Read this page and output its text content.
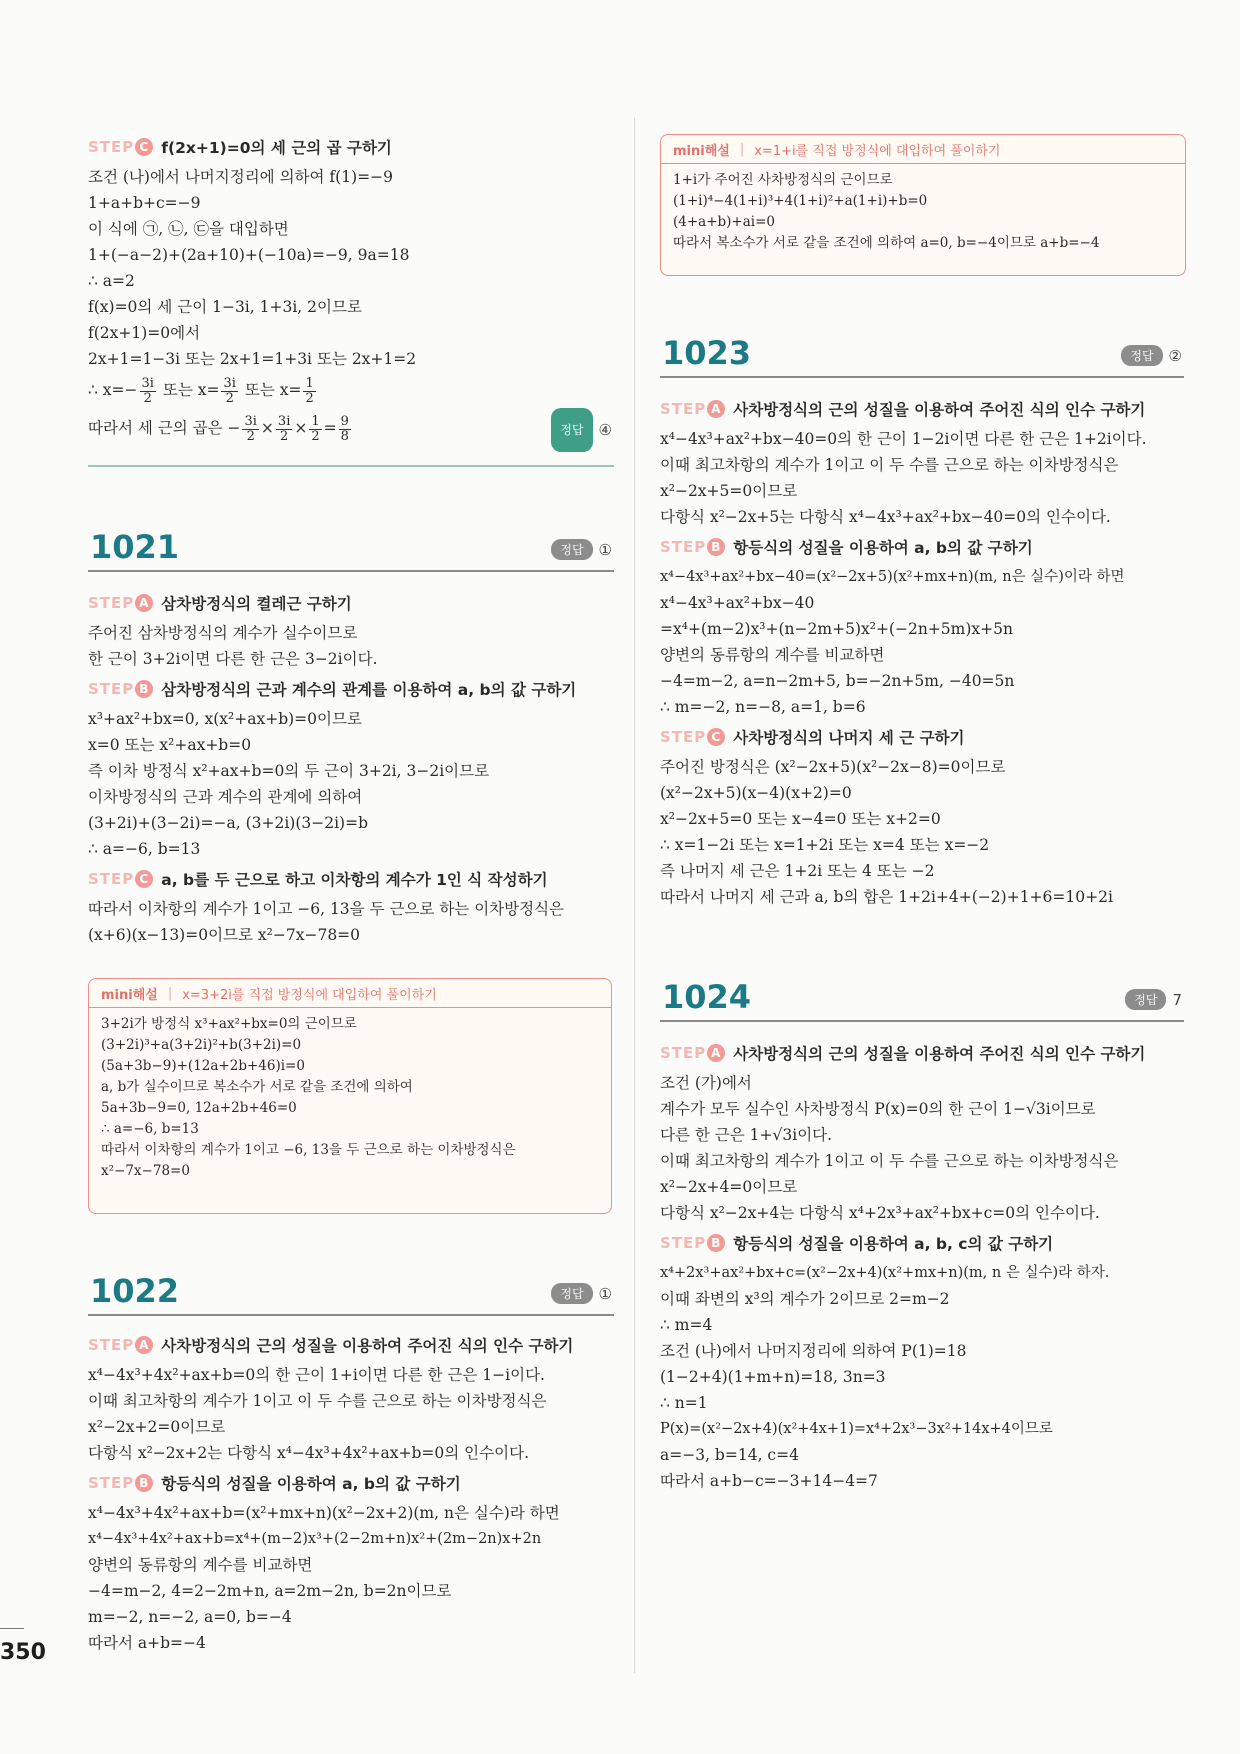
STEP C f(2x+1)=0의 세 근의 곱 구하기
조건 (나)에서 나머지정리에 의하여 f(1)=−9
1+a+b+c=−9
이 식에 ㉠, ㉡, ㉢을 대입하면
1+(−a−2)+(2a+10)+(−10a)=−9, 9a=18
∴ a=2
f(x)=0의 세 근이 1−3i, 1+3i, 2이므로
f(2x+1)=0에서
2x+1=1−3i 또는 2x+1=1+3i 또는 2x+1=2
∴ $x=- \frac{3i}{2}$ 또는 $x= \frac{3i}{2}$ 또는 $x= \frac{1}{2}$
따라서 세 근의 곱은 − $\frac{3i}{2} \times \frac{3i}{2} \times \frac{1}{2} = \frac{9}{8}$	정답	④
1021	정답	①
STEP A 삼차방정식의 켤레근 구하기
주어진 삼차방정식의 계수가 실수이므로
한 근이 3+2i이면 다른 한 근은 3−2i이다.
STEP B 삼차방정식의 근과 계수의 관계를 이용하여 a, b의 값 구하기
x³+ax²+bx=0, x(x²+ax+b)=0이므로
x=0 또는 x²+ax+b=0
즉 이차 방정식 x²+ax+b=0의 두 근이 3+2i, 3−2i이므로
이차방정식의 근과 계수의 관계에 의하여
(3+2i)+(3−2i)=−a, (3+2i)(3−2i)=b
∴ a=−6, b=13
STEP C a, b를 두 근으로 하고 이차항의 계수가 1인 식 작성하기
따라서 이차항의 계수가 1이고 −6, 13을 두 근으로 하는 이차방정식은
(x+6)(x−13)=0이므로 x²−7x−78=0
mini해설 | x=3+2i를 직접 방정식에 대입하여 풀이하기
3+2i가 방정식 x³+ax²+bx=0의 근이므로
(3+2i)³+a(3+2i)²+b(3+2i)=0
(5a+3b−9)+(12a+2b+46)i=0
a, b가 실수이므로 복소수가 서로 같을 조건에 의하여
5a+3b−9=0, 12a+2b+46=0
∴ a=−6, b=13
따라서 이차항의 계수가 1이고 −6, 13을 두 근으로 하는 이차방정식은
x²−7x−78=0
1022	정답	①
STEP A 사차방정식의 근의 성질을 이용하여 주어진 식의 인수 구하기
x⁴−4x³+4x²+ax+b=0의 한 근이 1+i이면 다른 한 근은 1−i이다.
이때 최고차항의 계수가 1이고 이 두 수를 근으로 하는 이차방정식은
x²−2x+2=0이므로
다항식 x²−2x+2는 다항식 x⁴−4x³+4x²+ax+b=0의 인수이다.
STEP B 항등식의 성질을 이용하여 a, b의 값 구하기
x⁴−4x³+4x²+ax+b=(x²+mx+n)(x²−2x+2)(m, n은 실수)라 하면
x⁴−4x³+4x²+ax+b=x⁴+(m−2)x³+(2−2m+n)x²+(2m−2n)x+2n
양변의 동류항의 계수를 비교하면
−4=m−2, 4=2−2m+n, a=2m−2n, b=2n이므로
m=−2, n=−2, a=0, b=−4
따라서 a+b=−4
mini해설 | x=1+i를 직접 방정식에 대입하여 풀이하기
1+i가 주어진 사차방정식의 근이므로
(1+i)⁴−4(1+i)³+4(1+i)²+a(1+i)+b=0
(4+a+b)+ai=0
따라서 복소수가 서로 같을 조건에 의하여 a=0, b=−4이므로 a+b=−4
1023	정답	②
STEP A 사차방정식의 근의 성질을 이용하여 주어진 식의 인수 구하기
x⁴−4x³+ax²+bx−40=0의 한 근이 1−2i이면 다른 한 근은 1+2i이다.
이때 최고차항의 계수가 1이고 이 두 수를 근으로 하는 이차방정식은
x²−2x+5=0이므로
다항식 x²−2x+5는 다항식 x⁴−4x³+ax²+bx−40=0의 인수이다.
STEP B 항등식의 성질을 이용하여 a, b의 값 구하기
x⁴−4x³+ax²+bx−40=(x²−2x+5)(x²+mx+n)(m, n은 실수)이라 하면
x⁴−4x³+ax²+bx−40
=x⁴+(m−2)x³+(n−2m+5)x²+(−2n+5m)x+5n
양변의 동류항의 계수를 비교하면
−4=m−2, a=n−2m+5, b=−2n+5m, −40=5n
∴ m=−2, n=−8, a=1, b=6
STEP C 사차방정식의 나머지 세 근 구하기
주어진 방정식은 (x²−2x+5)(x²−2x−8)=0이므로
(x²−2x+5)(x−4)(x+2)=0
x²−2x+5=0 또는 x−4=0 또는 x+2=0
∴ x=1−2i 또는 x=1+2i 또는 x=4 또는 x=−2
즉 나머지 세 근은 1+2i 또는 4 또는 −2
따라서 나머지 세 근과 a, b의 합은 1+2i+4+(−2)+1+6=10+2i
1024	정답	7
STEP A 사차방정식의 근의 성질을 이용하여 주어진 식의 인수 구하기
조건 (가)에서
계수가 모두 실수인 사차방정식 P(x)=0의 한 근이 1−√3i이므로
다른 한 근은 1+√3i이다.
이때 최고차항의 계수가 1이고 이 두 수를 근으로 하는 이차방정식은
x²−2x+4=0이므로
다항식 x²−2x+4는 다항식 x⁴+2x³+ax²+bx+c=0의 인수이다.
STEP B 항등식의 성질을 이용하여 a, b, c의 값 구하기
x⁴+2x³+ax²+bx+c=(x²−2x+4)(x²+mx+n)(m, n 은 실수)라 하자.
이때 좌변의 x³의 계수가 2이므로 2=m−2
∴ m=4
조건 (나)에서 나머지정리에 의하여 P(1)=18
(1−2+4)(1+m+n)=18, 3n=3
∴ n=1
P(x)=(x²−2x+4)(x²+4x+1)=x⁴+2x³−3x²+14x+4이므로
a=−3, b=14, c=4
따라서 a+b−c=−3+14−4=7
350
